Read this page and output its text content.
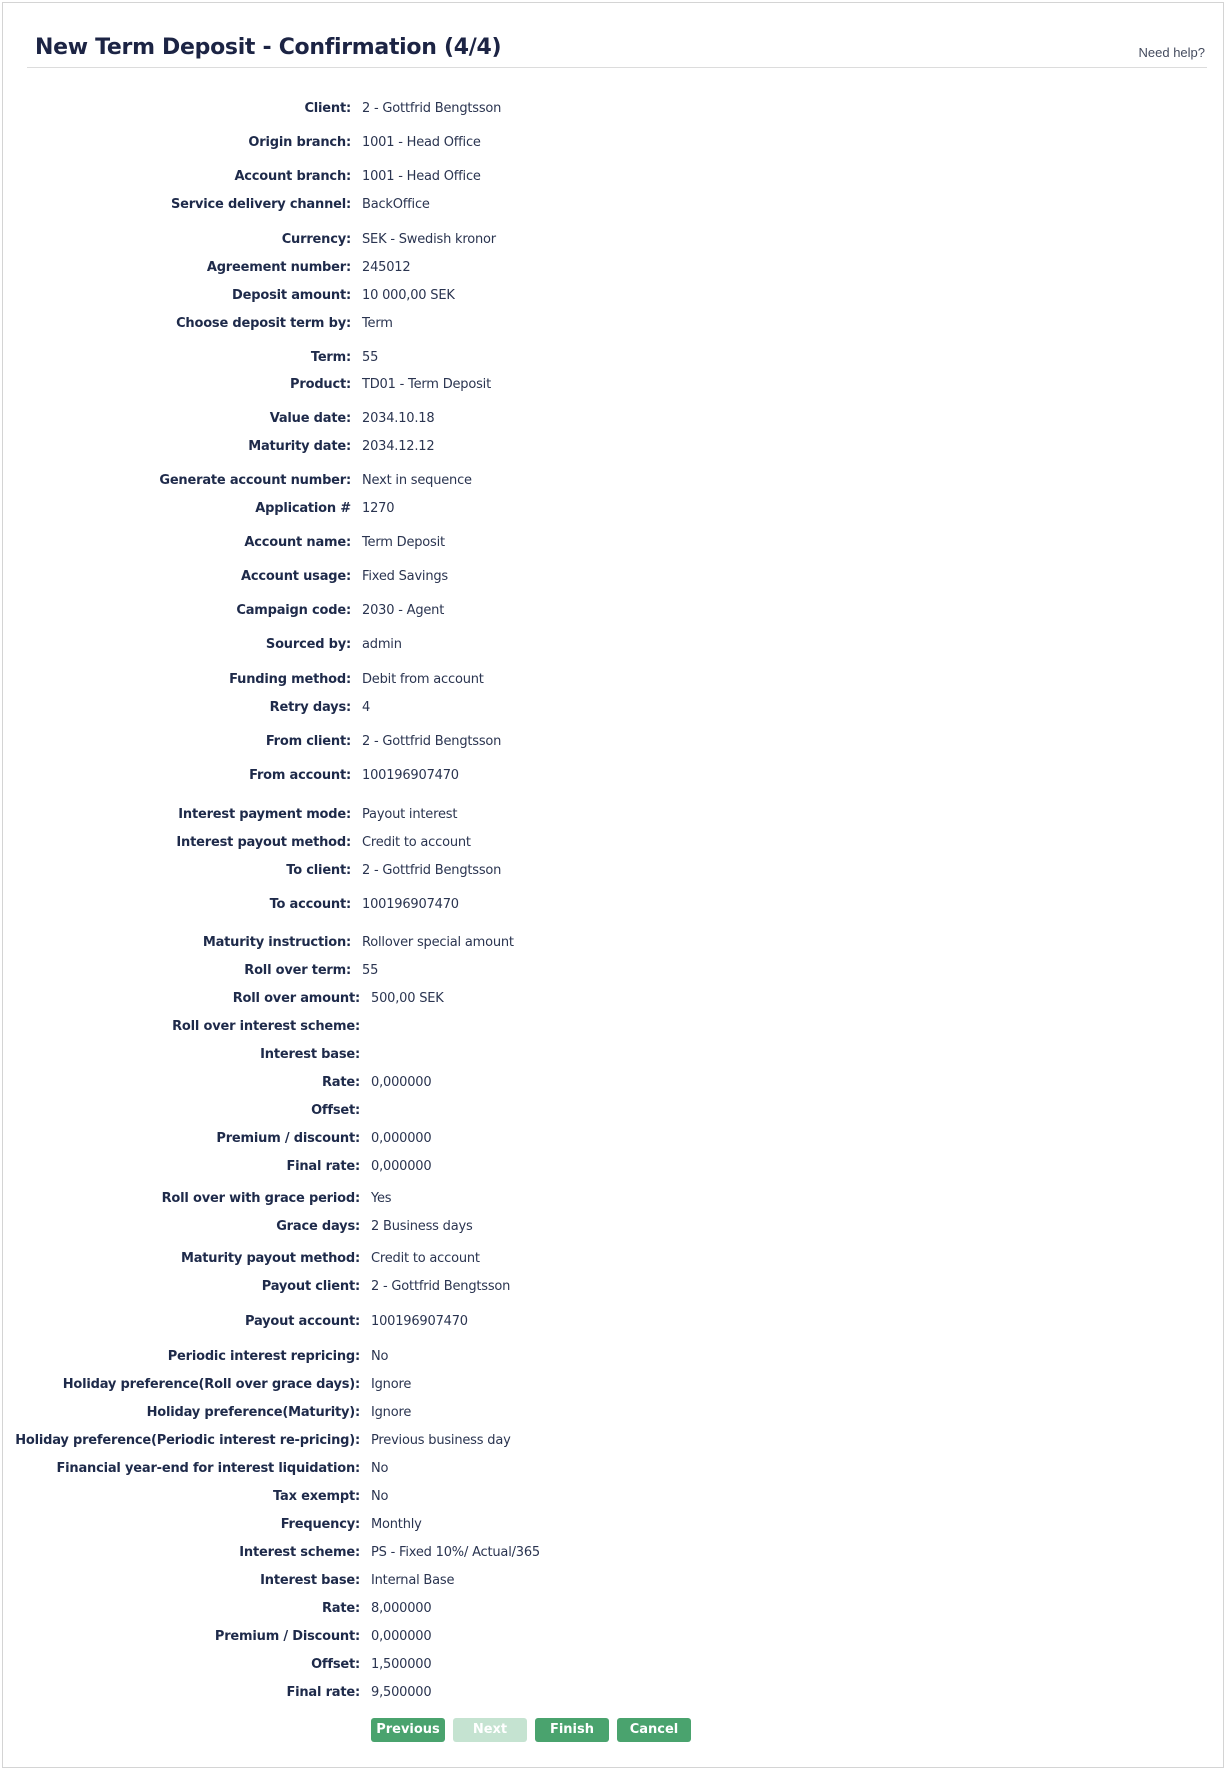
New Term Deposit - Confirmation (4/4)	Need help?
Client: 2 - Gottfrid Bengtsson
Origin branch: 1001 - Head Office
Account branch: 1001 - Head Office
Service delivery channel: BackOffice
Currency: SEK - Swedish kronor
Agreement number: 245012
Deposit amount: 10 000,00 SEK
Choose deposit term by: Term
Term: 55
Product: TD01 - Term Deposit
Value date: 2034.10.18
Maturity date: 2034.12.12
Generate account number: Next in sequence
Application # 1270
Account name: Term Deposit
Account usage: Fixed Savings
Campaign code: 2030 - Agent
Sourced by: admin
Funding method: Debit from account
Retry days: 4
From client: 2 - Gottfrid Bengtsson
From account: 100196907470
Interest payment mode: Payout interest
Interest payout method: Credit to account
To client: 2 - Gottfrid Bengtsson
To account: 100196907470
Maturity instruction: Rollover special amount
Roll over term: 55
Roll over amount: 500,00 SEK
Roll over interest scheme:
Interest base:
Rate: 0,000000
Offset:
Premium / discount: 0,000000
Final rate: 0,000000
Roll over with grace period: Yes
Grace days: 2 Business days
Maturity payout method: Credit to account
Payout client: 2 - Gottfrid Bengtsson
Payout account: 100196907470
Periodic interest repricing: No
Holiday preference(Roll over grace days): Ignore
Holiday preference(Maturity): Ignore
Holiday preference(Periodic interest re-pricing): Previous business day
Financial year-end for interest liquidation: No
Tax exempt: No
Frequency: Monthly
Interest scheme: PS - Fixed 10%/ Actual/365
Interest base: Internal Base
Rate: 8,000000
Premium / Discount: 0,000000
Offset: 1,500000
Final rate: 9,500000
Previous	Next	Finish	Cancel
